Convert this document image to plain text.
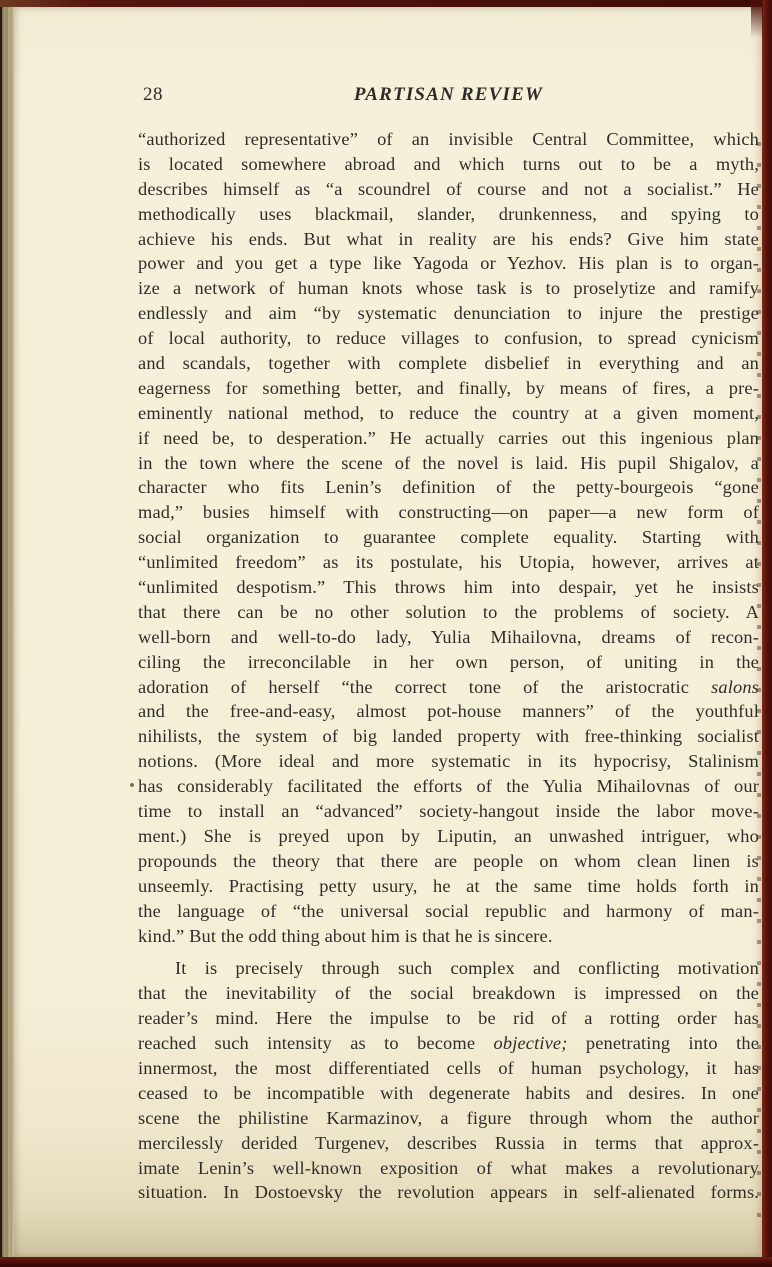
28	PARTISAN REVIEW
“authorized representative” of an invisible Central Committee, which
is located somewhere abroad and which turns out to be a myth,
describes himself as “a scoundrel of course and not a socialist.” He
methodically uses blackmail, slander, drunkenness, and spying to
achieve his ends. But what in reality are his ends? Give him state
power and you get a type like Yagoda or Yezhov. His plan is to organ-
ize a network of human knots whose task is to proselytize and ramify
endlessly and aim “by systematic denunciation to injure the prestige
of local authority, to reduce villages to confusion, to spread cynicism
and scandals, together with complete disbelief in everything and an
eagerness for something better, and finally, by means of fires, a pre-
eminently national method, to reduce the country at a given moment,
if need be, to desperation.” He actually carries out this ingenious plan
in the town where the scene of the novel is laid. His pupil Shigalov, a
character who fits Lenin’s definition of the petty-bourgeois “gone
mad,” busies himself with constructing—on paper—a new form of
social organization to guarantee complete equality. Starting with
“unlimited freedom” as its postulate, his Utopia, however, arrives at
“unlimited despotism.” This throws him into despair, yet he insists
that there can be no other solution to the problems of society. A
well-born and well-to-do lady, Yulia Mihailovna, dreams of recon-
ciling the irreconcilable in her own person, of uniting in the
adoration of herself “the correct tone of the aristocratic salons
and the free-and-easy, almost pot-house manners” of the youthful
nihilists, the system of big landed property with free-thinking socialist
notions. (More ideal and more systematic in its hypocrisy, Stalinism
has considerably facilitated the efforts of the Yulia Mihailovnas of our
time to install an “advanced” society-hangout inside the labor move-
ment.) She is preyed upon by Liputin, an unwashed intriguer, who
propounds the theory that there are people on whom clean linen is
unseemly. Practising petty usury, he at the same time holds forth in
the language of “the universal social republic and harmony of man-
kind.” But the odd thing about him is that he is sincere.
It is precisely through such complex and conflicting motivation
that the inevitability of the social breakdown is impressed on the
reader’s mind. Here the impulse to be rid of a rotting order has
reached such intensity as to become objective; penetrating into the
innermost, the most differentiated cells of human psychology, it has
ceased to be incompatible with degenerate habits and desires. In one
scene the philistine Karmazinov, a figure through whom the author
mercilessly derided Turgenev, describes Russia in terms that approx-
imate Lenin’s well-known exposition of what makes a revolutionary
situation. In Dostoevsky the revolution appears in self-alienated forms.
